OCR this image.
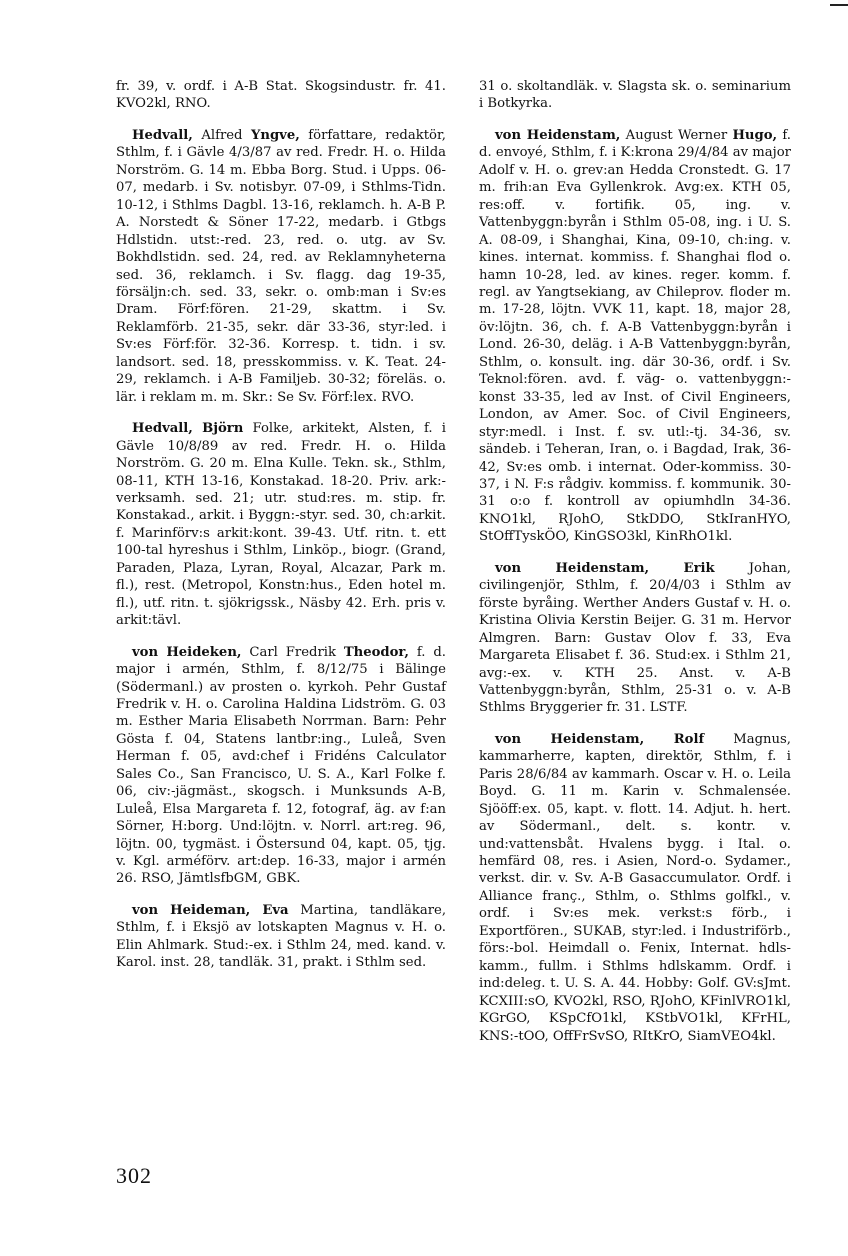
fr. 39, v. ordf. i A-B Stat. Skogsindustr. fr. 41. KVO2kl, RNO.

Hedvall, Alfred Yngve, författare, redaktör, Sthlm, f. i Gävle 4/3/87 av red. Fredr. H. o. Hilda Norström. G. 14 m. Ebba Borg. Stud. i Upps. 06-07, medarb. i Sv. notisbyr. 07-09, i Sthlms-Tidn. 10-12, i Sthlms Dagbl. 13-16, reklamch. h. A-B P. A. Norstedt & Söner 17-22, medarb. i Gtbgs Hdlstidn. utst:-red. 23, red. o. utg. av Sv. Bokhdlstidn. sed. 24, red. av Reklamnyheterna sed. 36, reklamch. i Sv. flagg. dag 19-35, försäljn:ch. sed. 33, sekr. o. omb:man i Sv:es Dram. Förf:fören. 21-29, skattm. i Sv. Reklamförb. 21-35, sekr. där 33-36, styr:led. i Sv:es Förf:för. 32-36. Korresp. t. tidn. i sv. landsort. sed. 18, presskommiss. v. K. Teat. 24-29, reklamch. i A-B Familjeb. 30-32; föreläs. o. lär. i reklam m. m. Skr.: Se Sv. Förf:lex. RVO.

Hedvall, Björn Folke, arkitekt, Alsten, f. i Gävle 10/8/89 av red. Fredr. H. o. Hilda Norström. G. 20 m. Elna Kulle. Tekn. sk., Sthlm, 08-11, KTH 13-16, Konstakad. 18-20. Priv. ark:-verksamh. sed. 21; utr. stud:res. m. stip. fr. Konstakad., arkit. i Byggn:-styr. sed. 30, ch:arkit. f. Marinförv:s arkit:kont. 39-43. Utf. ritn. t. ett 100-tal hyreshus i Sthlm, Linköp., biogr. (Grand, Paraden, Plaza, Lyran, Royal, Alcazar, Park m. fl.), rest. (Metropol, Konstn:hus., Eden hotel m. fl.), utf. ritn. t. sjökrigssk., Näsby 42. Erh. pris v. arkit:tävl.

von Heideken, Carl Fredrik Theodor, f. d. major i armén, Sthlm, f. 8/12/75 i Bälinge (Södermanl.) av prosten o. kyrkoh. Pehr Gustaf Fredrik v. H. o. Carolina Haldina Lidström. G. 03 m. Esther Maria Elisabeth Norrman. Barn: Pehr Gösta f. 04, Statens lantbr:ing., Luleå, Sven Herman f. 05, avd:chef i Fridéns Calculator Sales Co., San Francisco, U. S. A., Karl Folke f. 06, civ:-jägmäst., skogsch. i Munksunds A-B, Luleå, Elsa Margareta f. 12, fotograf, äg. av f:an Sörner, H:borg. Und:löjtn. v. Norrl. art:reg. 96, löjtn. 00, tygmäst. i Östersund 04, kapt. 05, tjg. v. Kgl. arméförv. art:dep. 16-33, major i armén 26. RSO, JämtlsfbGM, GBK.

von Heideman, Eva Martina, tandläkare, Sthlm, f. i Eksjö av lotskapten Magnus v. H. o. Elin Ahlmark. Stud:-ex. i Sthlm 24, med. kand. v. Karol. inst. 28, tandläk. 31, prakt. i Sthlm sed.

31 o. skoltandläk. v. Slagsta sk. o. seminarium i Botkyrka.

von Heidenstam, August Werner Hugo, f. d. envoyé, Sthlm, f. i K:krona 29/4/84 av major Adolf v. H. o. grev:an Hedda Cronstedt. G. 17 m. frih:an Eva Gyllenkrok. Avg:ex. KTH 05, res:off. v. fortifik. 05, ing. v. Vattenbyggn:byrån i Sthlm 05-08, ing. i U. S. A. 08-09, i Shanghai, Kina, 09-10, ch:ing. v. kines. internat. kommiss. f. Shanghai flod o. hamn 10-28, led. av kines. reger. komm. f. regl. av Yangtsekiang, av Chileprov. floder m. m. 17-28, löjtn. VVK 11, kapt. 18, major 28, öv:löjtn. 36, ch. f. A-B Vattenbyggn:byrån i Lond. 26-30, deläg. i A-B Vattenbyggn:byrån, Sthlm, o. konsult. ing. där 30-36, ordf. i Sv. Teknol:fören. avd. f. väg- o. vattenbyggn:-konst 33-35, led av Inst. of Civil Engineers, London, av Amer. Soc. of Civil Engineers, styr:medl. i Inst. f. sv. utl:-tj. 34-36, sv. sändeb. i Teheran, Iran, o. i Bagdad, Irak, 36-42, Sv:es omb. i internat. Oder-kommiss. 30-37, i N. F:s rådgiv. kommiss. f. kommunik. 30-31 o:o f. kontroll av opiumhdln 34-36. KNO1kl, RJohO, StkDDO, StkIranHYO, StOffTyskÖO, KinGSO3kl, KinRhO1kl.

von Heidenstam, Erik Johan, civilingenjör, Sthlm, f. 20/4/03 i Sthlm av förste byråing. Werther Anders Gustaf v. H. o. Kristina Olivia Kerstin Beijer. G. 31 m. Hervor Almgren. Barn: Gustav Olov f. 33, Eva Margareta Elisabet f. 36. Stud:ex. i Sthlm 21, avg:-ex. v. KTH 25. Anst. v. A-B Vattenbyggn:byrån, Sthlm, 25-31 o. v. A-B Sthlms Bryggerier fr. 31. LSTF.

von Heidenstam, Rolf Magnus, kammarherre, kapten, direktör, Sthlm, f. i Paris 28/6/84 av kammarh. Oscar v. H. o. Leila Boyd. G. 11 m. Karin v. Schmalensée. Sjööff:ex. 05, kapt. v. flott. 14. Adjut. h. hert. av Södermanl., delt. s. kontr. v. und:vattensbåt. Hvalens bygg. i Ital. o. hemfärd 08, res. i Asien, Nord-o. Sydamer., verkst. dir. v. Sv. A-B Gasaccumulator. Ordf. i Alliance franç., Sthlm, o. Sthlms golfkl., v. ordf. i Sv:es mek. verkst:s förb., i Exportfören., SUKAB, styr:led. i Industriförb., förs:-bol. Heimdall o. Fenix, Internat. hdls-kamm., fullm. i Sthlms hdlskamm. Ordf. i ind:deleg. t. U. S. A. 44. Hobby: Golf. GV:sJmt. KCXIII:sO, KVO2kl, RSO, RJohO, KFinlVRO1kl, KGrGO, KSpCfO1kl, KStbVO1kl, KFrHL, KNS:-tOO, OffFrSvSO, RItKrO, SiamVEO4kl.

302
